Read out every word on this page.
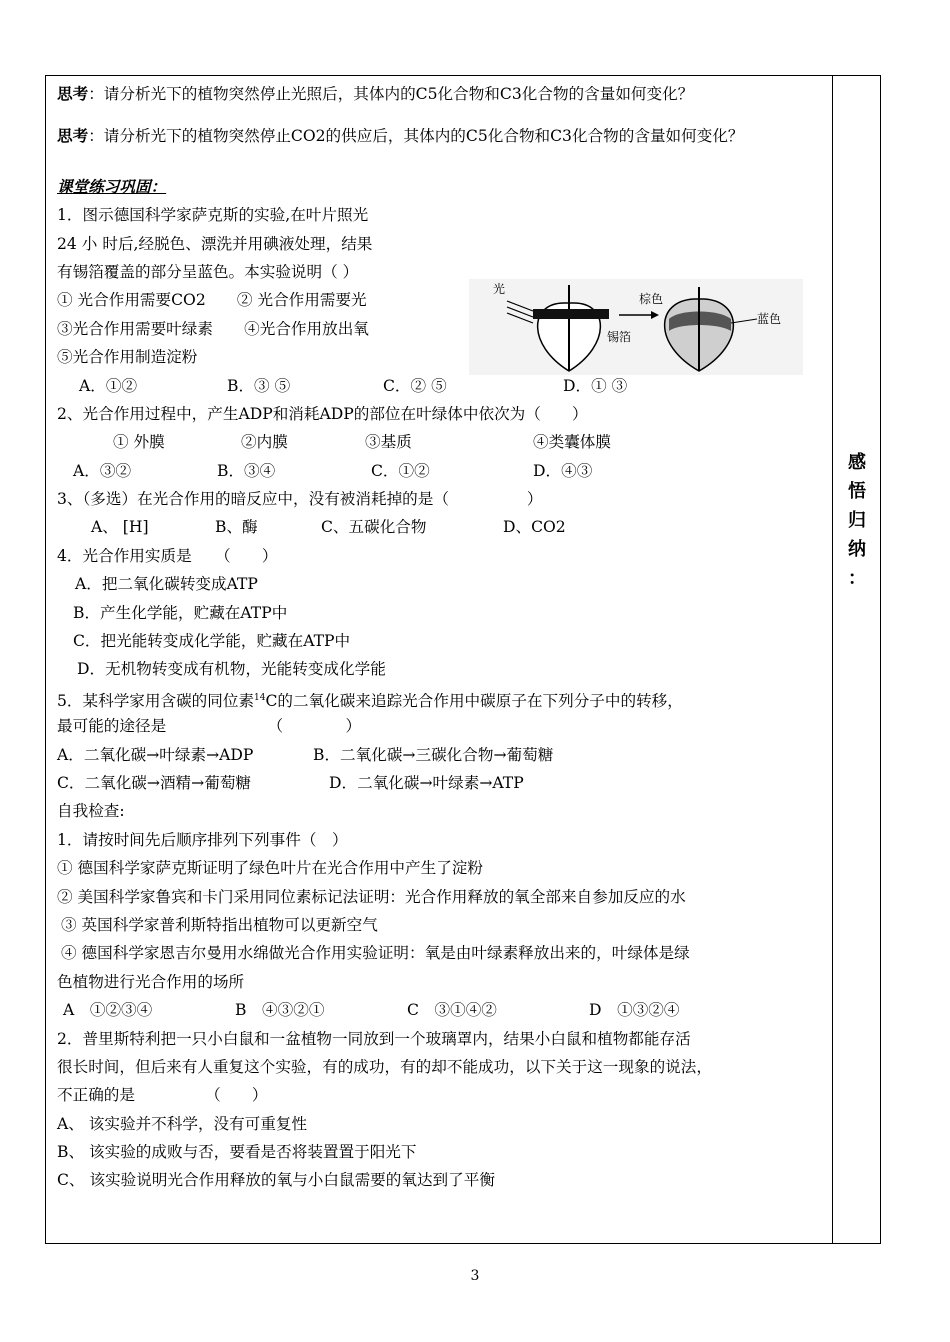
感
悟
归
纳
：
思考：请分析光下的植物突然停止光照后，其体内的C5化合物和C3化合物的含量如何变化？
思考：请分析光下的植物突然停止CO2的供应后，其体内的C5化合物和C3化合物的含量如何变化？
课堂练习巩固：
1．图示德国科学家萨克斯的实验,在叶片照光
24 小 时后,经脱色、漂洗并用碘液处理，结果
有锡箔覆盖的部分呈蓝色。本实验说明（ ）
① 光合作用需要CO2　　② 光合作用需要光
③光合作用需要叶绿素　　④光合作用放出氧
⑤光合作用制造淀粉
A．①②	B．③ ⑤	C．② ⑤	D．① ③
2、光合作用过程中，产生ADP和消耗ADP的部位在叶绿体中依次为（　　）
① 外膜	②内膜	③基质	④类囊体膜
A．③②	B．③④	C．①②	D．④③
3、（多选）在光合作用的暗反应中，没有被消耗掉的是（　　　　　）
A、 [H]	B、酶	C、五碳化合物	D、CO2
4．光合作用实质是　　（　　）
A．把二氧化碳转变成ATP
B．产生化学能，贮藏在ATP中
C．把光能转变成化学能，贮藏在ATP中
D．无机物转变成有机物，光能转变成化学能
5．某科学家用含碳的同位素$^{14}$C的二氧化碳来追踪光合作用中碳原子在下列分子中的转移，
最可能的途径是　　　　　　　（　　　　）
A．二氧化碳→叶绿素→ADP	B．二氧化碳→三碳化合物→葡萄糖
C．二氧化碳→酒精→葡萄糖	D．二氧化碳→叶绿素→ATP
自我检查:
1．请按时间先后顺序排列下列事件（　）
① 德国科学家萨克斯证明了绿色叶片在光合作用中产生了淀粉
② 美国科学家鲁宾和卡门采用同位素标记法证明：光合作用释放的氧全部来自参加反应的水
③ 英国科学家普利斯特指出植物可以更新空气
④ 德国科学家恩吉尔曼用水绵做光合作用实验证明：氧是由叶绿素释放出来的，叶绿体是绿
色植物进行光合作用的场所
A　①②③④	B　④③②①	C　③①④②	D　①③②④
2．普里斯特利把一只小白鼠和一盆植物一同放到一个玻璃罩内，结果小白鼠和植物都能存活
很长时间，但后来有人重复这个实验，有的成功，有的却不能成功，以下关于这一现象的说法，
不正确的是　　　　　（　　）
A、 该实验并不科学，没有可重复性
B、 该实验的成败与否，要看是否将装置置于阳光下
C、 该实验说明光合作用释放的氧与小白鼠需要的氧达到了平衡
光
棕色
锡箔
蓝色
3
